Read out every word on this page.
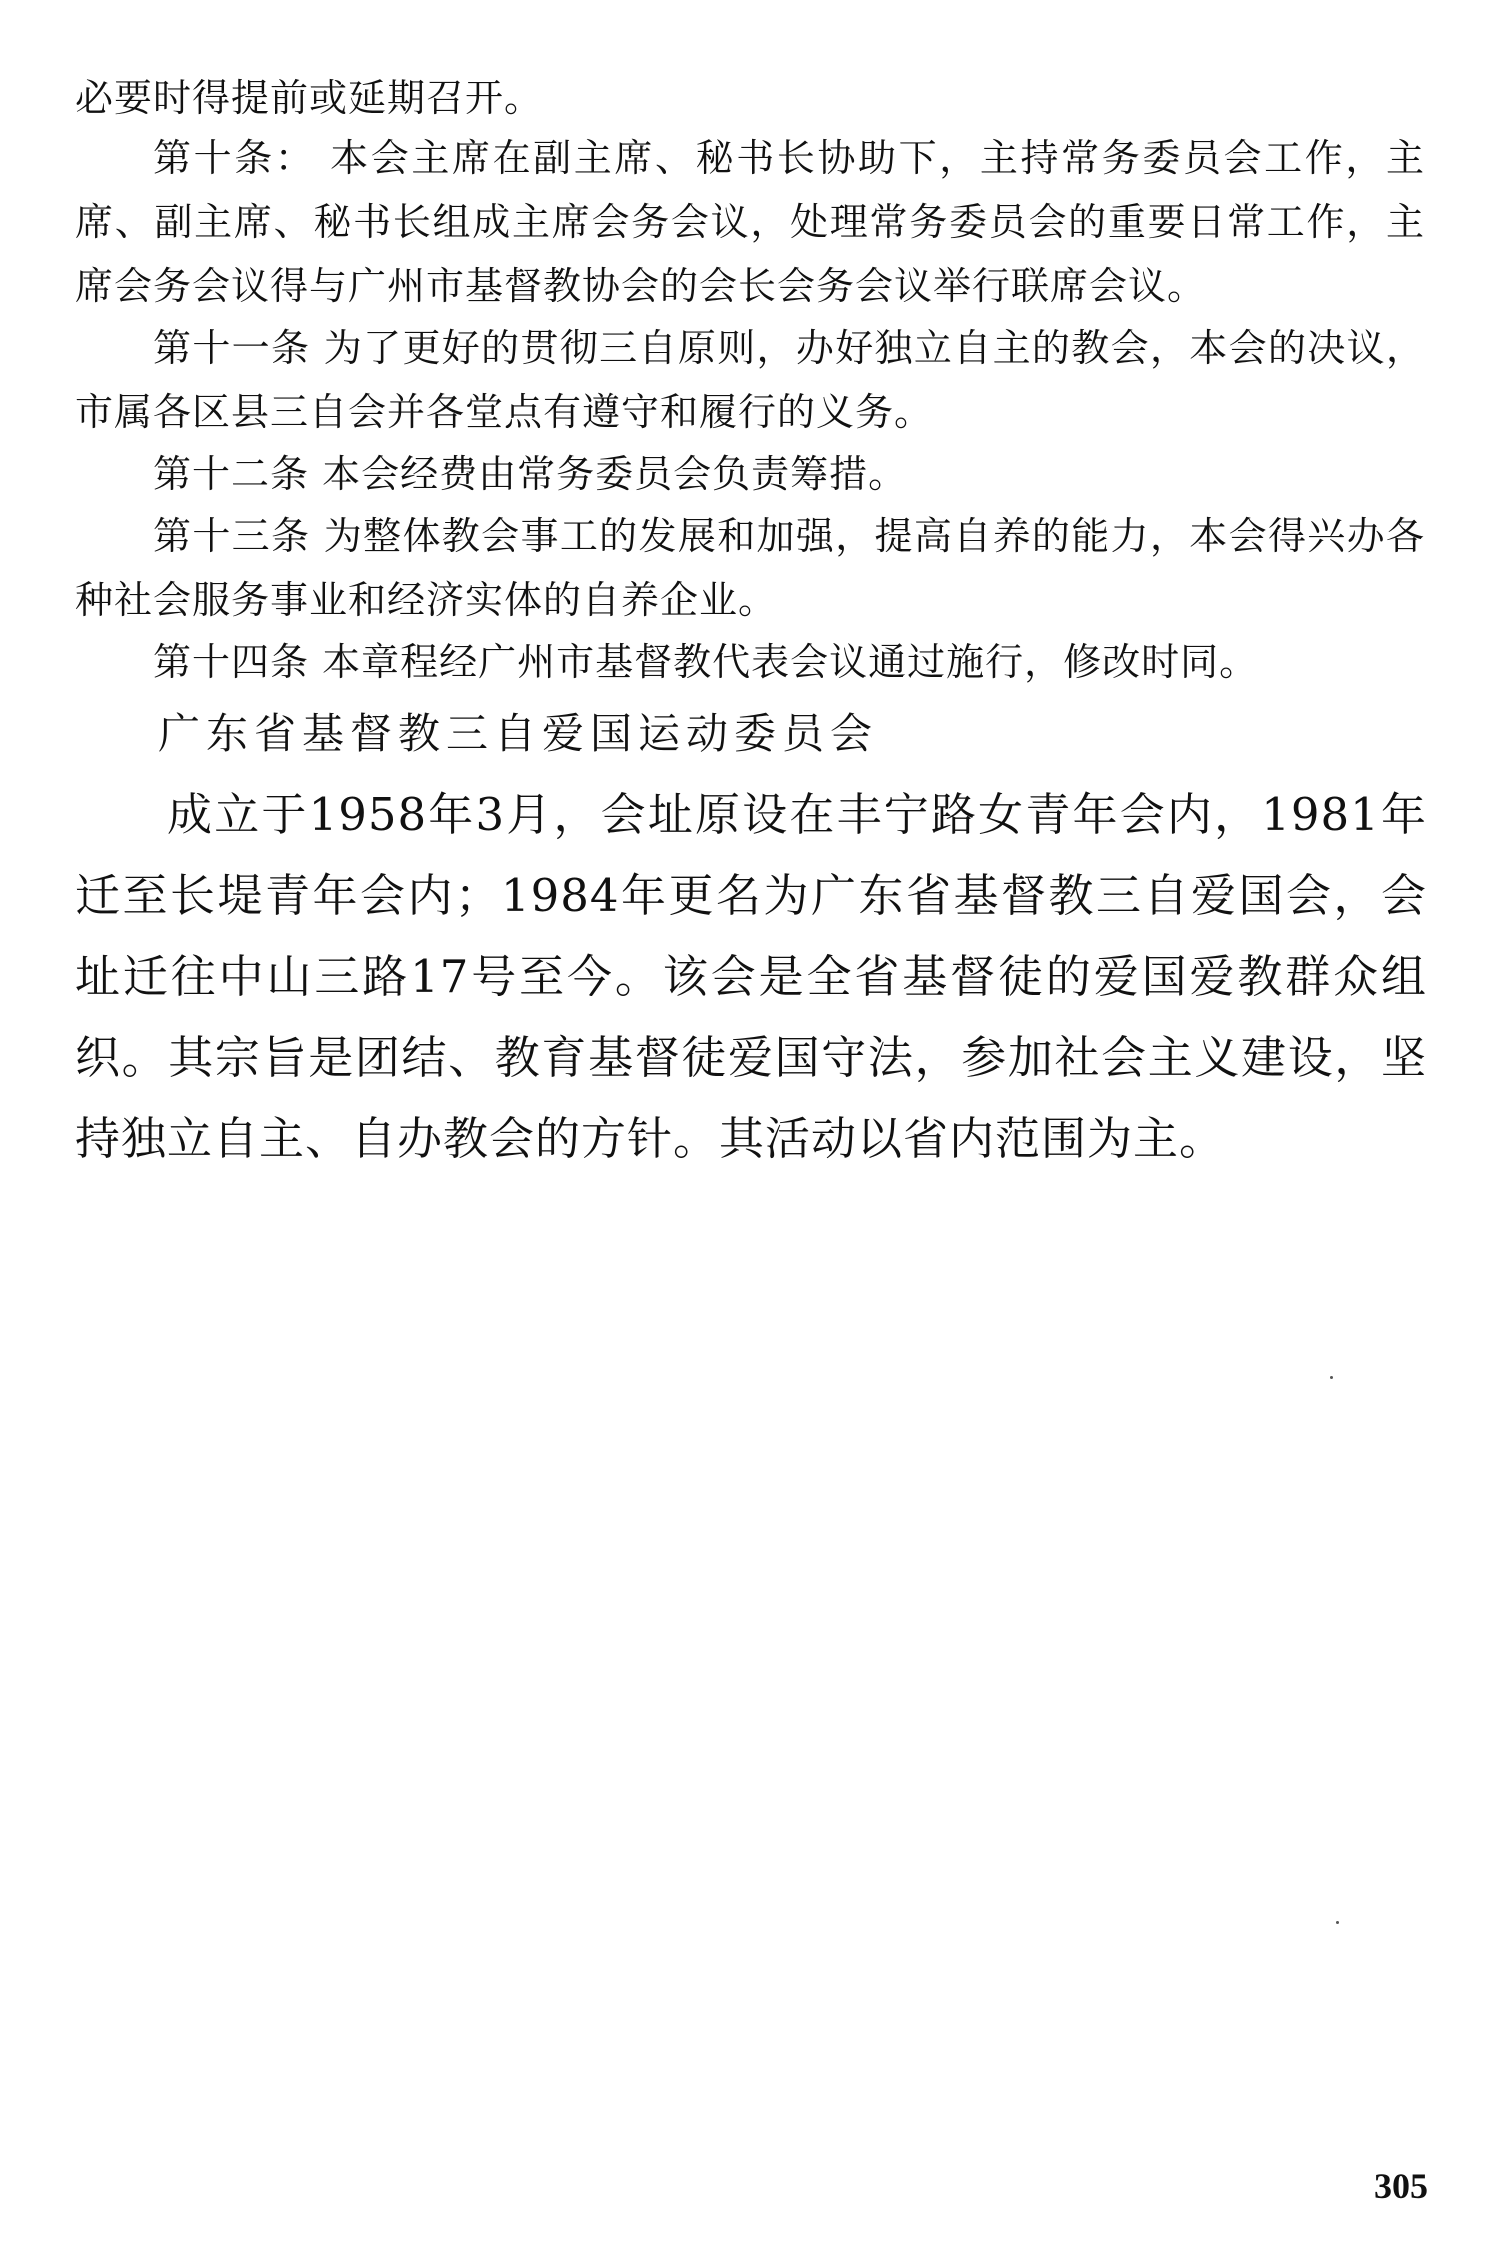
必要时得提前或延期召开。

第十条： 本会主席在副主席、秘书长协助下，主持常务委员会工作，主席、副主席、秘书长组成主席会务会议，处理常务委员会的重要日常工作，主席会务会议得与广州市基督教协会的会长会务会议举行联席会议。

第十一条 为了更好的贯彻三自原则，办好独立自主的教会，本会的决议，市属各区县三自会并各堂点有遵守和履行的义务。

第十二条 本会经费由常务委员会负责筹措。

第十三条 为整体教会事工的发展和加强，提高自养的能力，本会得兴办各种社会服务事业和经济实体的自养企业。

第十四条 本章程经广州市基督教代表会议通过施行，修改时同。

广东省基督教三自爱国运动委员会

成立于1958年3月，会址原设在丰宁路女青年会内，1981年迁至长堤青年会内；1984年更名为广东省基督教三自爱国会，会址迁往中山三路17号至今。该会是全省基督徒的爱国爱教群众组织。其宗旨是团结、教育基督徒爱国守法，参加社会主义建设，坚持独立自主、自办教会的方针。其活动以省内范围为主。

305
